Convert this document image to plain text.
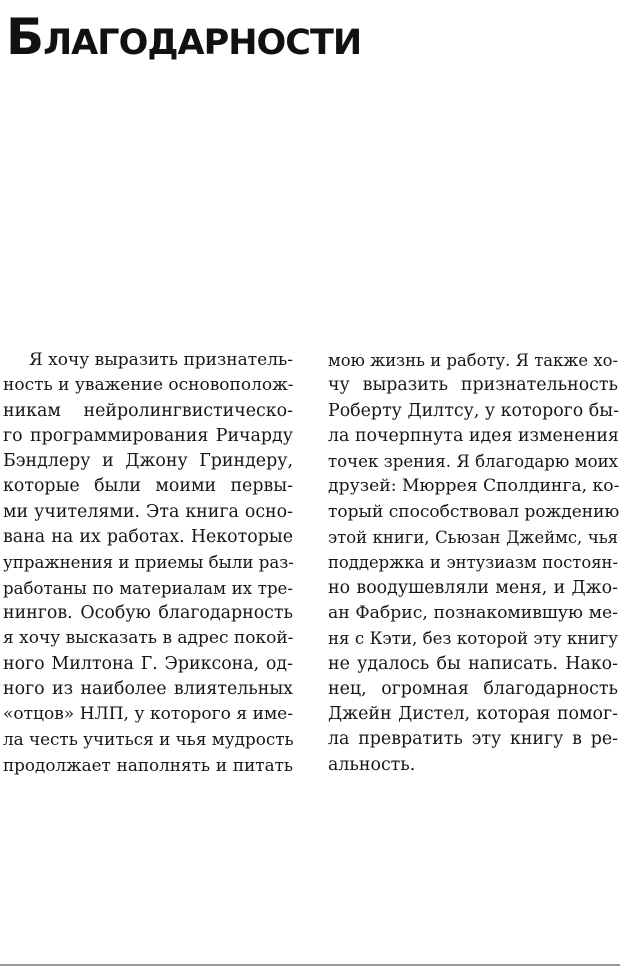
Благодарности
Я хочу выразить признатель-
ность и уважение основополож-
никам нейролингвистическо-
го программирования Ричарду
Бэндлеру и Джону Гриндеру,
которые были моими первы-
ми учителями. Эта книга осно-
вана на их работах. Некоторые
упражнения и приемы были раз-
работаны по материалам их тре-
нингов. Особую благодарность
я хочу высказать в адрес покой-
ного Милтона Г. Эриксона, од-
ного из наиболее влиятельных
«отцов» НЛП, у которого я име-
ла честь учиться и чья мудрость
продолжает наполнять и питать
мою жизнь и работу. Я также хо-
чу выразить признательность
Роберту Дилтсу, у которого бы-
ла почерпнута идея изменения
точек зрения. Я благодарю моих
друзей: Мюррея Сполдинга, ко-
торый способствовал рождению
этой книги, Сьюзан Джеймс, чья
поддержка и энтузиазм постоян-
но воодушевляли меня, и Джо-
ан Фабрис, познакомившую ме-
ня с Кэти, без которой эту книгу
не удалось бы написать. Нако-
нец, огромная благодарность
Джейн Дистел, которая помог-
ла превратить эту книгу в ре-
альность.
